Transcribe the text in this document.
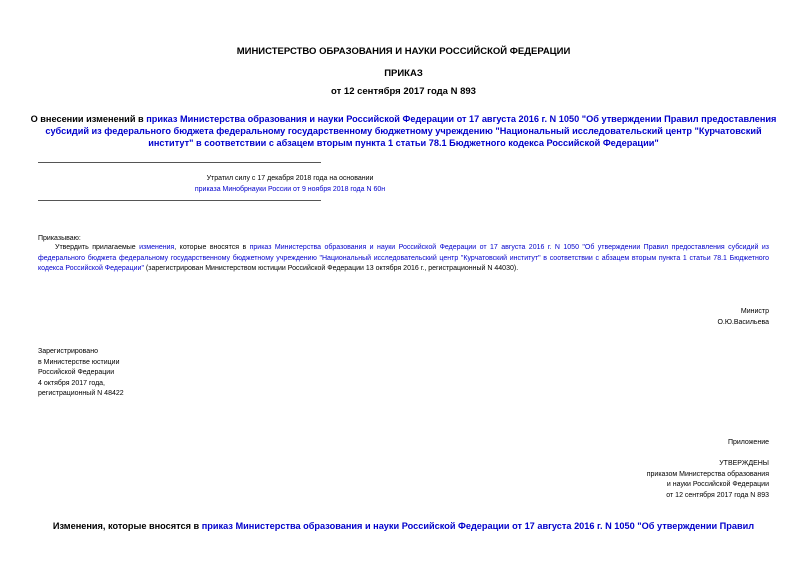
МИНИСТЕРСТВО ОБРАЗОВАНИЯ И НАУКИ РОССИЙСКОЙ ФЕДЕРАЦИИ
ПРИКАЗ
от 12 сентября 2017 года N 893
О внесении изменений в приказ Министерства образования и науки Российской Федерации от 17 августа 2016 г. N 1050 "Об утверждении Правил предоставления субсидий из федерального бюджета федеральному государственному бюджетному учреждению "Национальный исследовательский центр "Курчатовский институт" в соответствии с абзацем вторым пункта 1 статьи 78.1 Бюджетного кодекса Российской Федерации"
Утратил силу с 17 декабря 2018 года на основании
приказа Минобрнауки России от 9 ноября 2018 года N 60н
Приказываю:
Утвердить прилагаемые изменения, которые вносятся в приказ Министерства образования и науки Российской Федерации от 17 августа 2016 г. N 1050 "Об утверждении Правил предоставления субсидий из федерального бюджета федеральному государственному бюджетному учреждению "Национальный исследовательский центр "Курчатовский институт" в соответствии с абзацем вторым пункта 1 статьи 78.1 Бюджетного кодекса Российской Федерации" (зарегистрирован Министерством юстиции Российской Федерации 13 октября 2016 г., регистрационный N 44030).
Министр
О.Ю.Васильева
Зарегистрировано
в Министерстве юстиции
Российской Федерации
4 октября 2017 года,
регистрационный N 48422
Приложение
УТВЕРЖДЕНЫ
приказом Министерства образования
и науки Российской Федерации
от 12 сентября 2017 года N 893
Изменения, которые вносятся в приказ Министерства образования и науки Российской Федерации от 17 августа 2016 г. N 1050 "Об утверждении Правил
